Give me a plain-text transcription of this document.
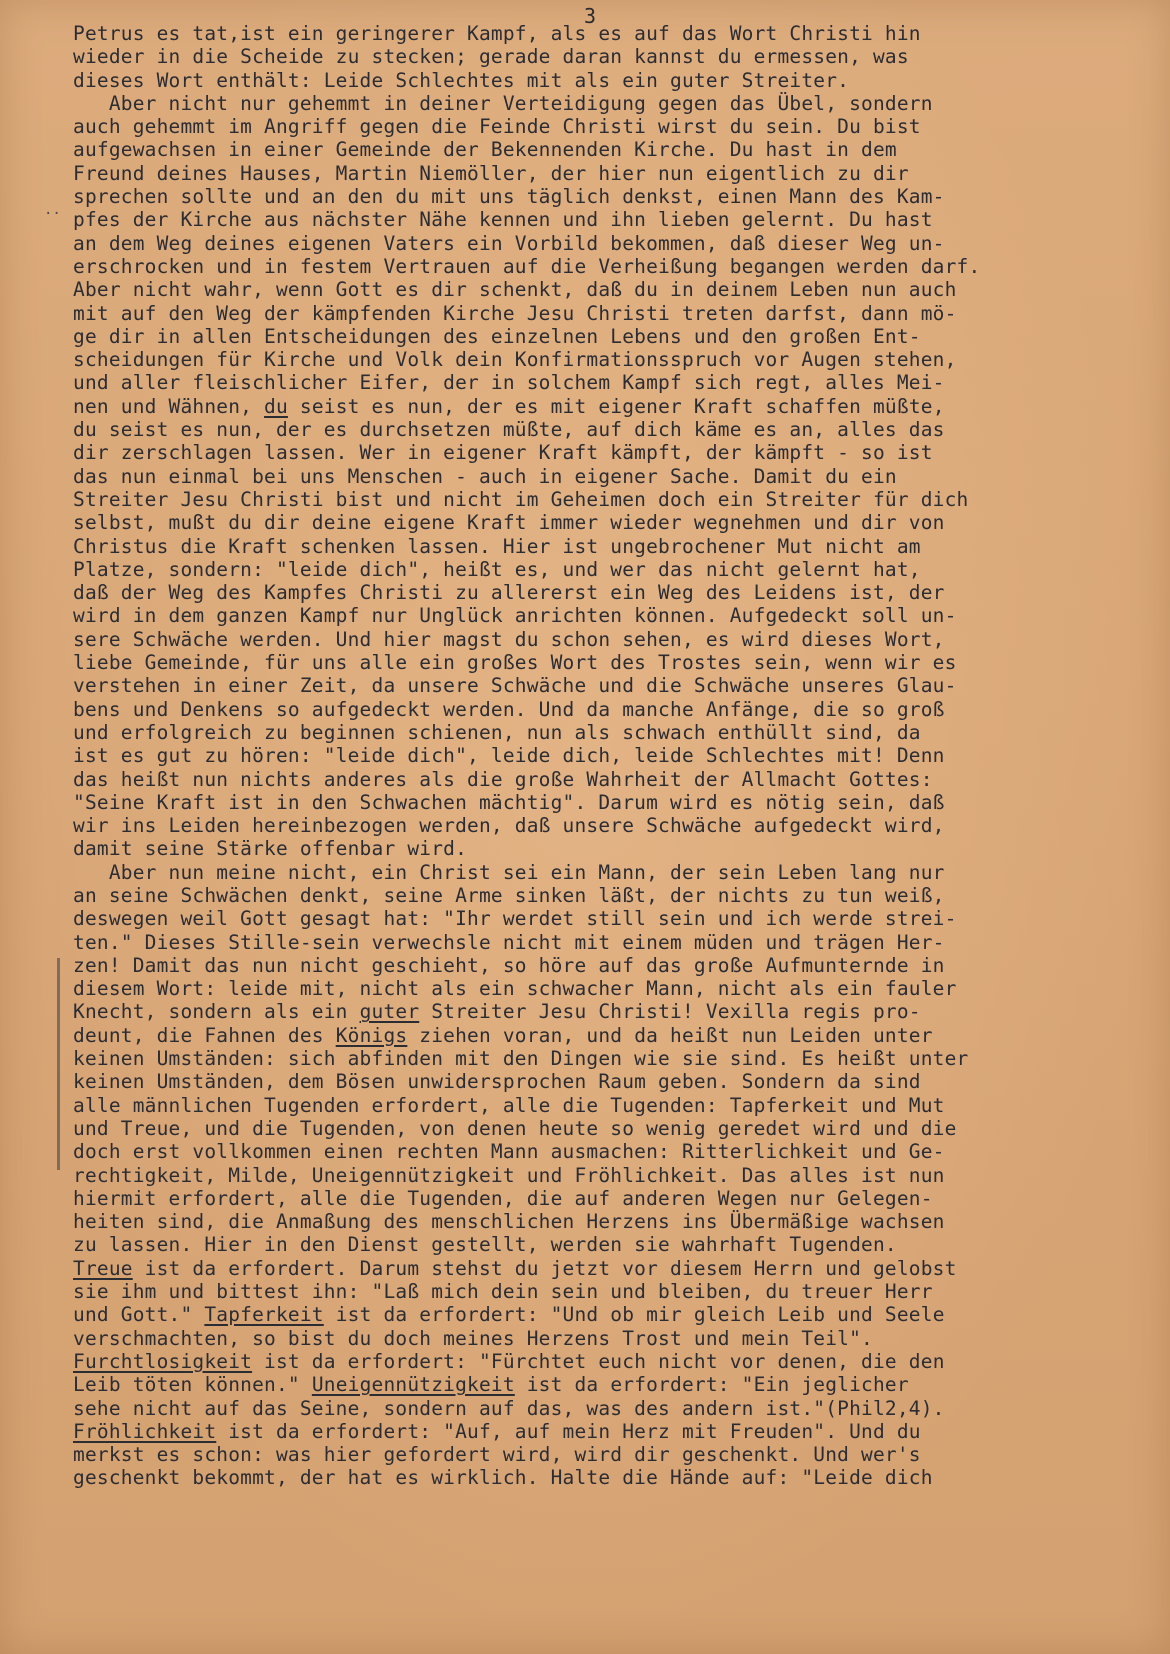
3
..
Petrus es tat,ist ein geringerer Kampf, als es auf das Wort Christi hin
wieder in die Scheide zu stecken; gerade daran kannst du ermessen, was
dieses Wort enthält: Leide Schlechtes mit als ein guter Streiter.
Aber nicht nur gehemmt in deiner Verteidigung gegen das Übel, sondern
auch gehemmt im Angriff gegen die Feinde Christi wirst du sein. Du bist
aufgewachsen in einer Gemeinde der Bekennenden Kirche. Du hast in dem
Freund deines Hauses, Martin Niemöller, der hier nun eigentlich zu dir
sprechen sollte und an den du mit uns täglich denkst, einen Mann des Kam-
pfes der Kirche aus nächster Nähe kennen und ihn lieben gelernt. Du hast
an dem Weg deines eigenen Vaters ein Vorbild bekommen, daß dieser Weg un-
erschrocken und in festem Vertrauen auf die Verheißung begangen werden darf.
Aber nicht wahr, wenn Gott es dir schenkt, daß du in deinem Leben nun auch
mit auf den Weg der kämpfenden Kirche Jesu Christi treten darfst, dann mö-
ge dir in allen Entscheidungen des einzelnen Lebens und den großen Ent-
scheidungen für Kirche und Volk dein Konfirmationsspruch vor Augen stehen,
und aller fleischlicher Eifer, der in solchem Kampf sich regt, alles Mei-
nen und Wähnen, du seist es nun, der es mit eigener Kraft schaffen müßte,
du seist es nun, der es durchsetzen müßte, auf dich käme es an, alles das
dir zerschlagen lassen. Wer in eigener Kraft kämpft, der kämpft - so ist
das nun einmal bei uns Menschen - auch in eigener Sache. Damit du ein
Streiter Jesu Christi bist und nicht im Geheimen doch ein Streiter für dich
selbst, mußt du dir deine eigene Kraft immer wieder wegnehmen und dir von
Christus die Kraft schenken lassen. Hier ist ungebrochener Mut nicht am
Platze, sondern: "leide dich", heißt es, und wer das nicht gelernt hat,
daß der Weg des Kampfes Christi zu allererst ein Weg des Leidens ist, der
wird in dem ganzen Kampf nur Unglück anrichten können. Aufgedeckt soll un-
sere Schwäche werden. Und hier magst du schon sehen, es wird dieses Wort,
liebe Gemeinde, für uns alle ein großes Wort des Trostes sein, wenn wir es
verstehen in einer Zeit, da unsere Schwäche und die Schwäche unseres Glau-
bens und Denkens so aufgedeckt werden. Und da manche Anfänge, die so groß
und erfolgreich zu beginnen schienen, nun als schwach enthüllt sind, da
ist es gut zu hören: "leide dich", leide dich, leide Schlechtes mit! Denn
das heißt nun nichts anderes als die große Wahrheit der Allmacht Gottes:
"Seine Kraft ist in den Schwachen mächtig". Darum wird es nötig sein, daß
wir ins Leiden hereinbezogen werden, daß unsere Schwäche aufgedeckt wird,
damit seine Stärke offenbar wird.
Aber nun meine nicht, ein Christ sei ein Mann, der sein Leben lang nur
an seine Schwächen denkt, seine Arme sinken läßt, der nichts zu tun weiß,
deswegen weil Gott gesagt hat: "Ihr werdet still sein und ich werde strei-
ten." Dieses Stille-sein verwechsle nicht mit einem müden und trägen Her-
zen! Damit das nun nicht geschieht, so höre auf das große Aufmunternde in
diesem Wort: leide mit, nicht als ein schwacher Mann, nicht als ein fauler
Knecht, sondern als ein guter Streiter Jesu Christi! Vexilla regis pro-
deunt, die Fahnen des Königs ziehen voran, und da heißt nun Leiden unter
keinen Umständen: sich abfinden mit den Dingen wie sie sind. Es heißt unter
keinen Umständen, dem Bösen unwidersprochen Raum geben. Sondern da sind
alle männlichen Tugenden erfordert, alle die Tugenden: Tapferkeit und Mut
und Treue, und die Tugenden, von denen heute so wenig geredet wird und die
doch erst vollkommen einen rechten Mann ausmachen: Ritterlichkeit und Ge-
rechtigkeit, Milde, Uneigennützigkeit und Fröhlichkeit. Das alles ist nun
hiermit erfordert, alle die Tugenden, die auf anderen Wegen nur Gelegen-
heiten sind, die Anmaßung des menschlichen Herzens ins Übermäßige wachsen
zu lassen. Hier in den Dienst gestellt, werden sie wahrhaft Tugenden.
Treue ist da erfordert. Darum stehst du jetzt vor diesem Herrn und gelobst
sie ihm und bittest ihn: "Laß mich dein sein und bleiben, du treuer Herr
und Gott." Tapferkeit ist da erfordert: "Und ob mir gleich Leib und Seele
verschmachten, so bist du doch meines Herzens Trost und mein Teil".
Furchtlosigkeit ist da erfordert: "Fürchtet euch nicht vor denen, die den
Leib töten können." Uneigennützigkeit ist da erfordert: "Ein jeglicher
sehe nicht auf das Seine, sondern auf das, was des andern ist."(Phil2,4).
Fröhlichkeit ist da erfordert: "Auf, auf mein Herz mit Freuden". Und du
merkst es schon: was hier gefordert wird, wird dir geschenkt. Und wer's
geschenkt bekommt, der hat es wirklich. Halte die Hände auf: "Leide dich
